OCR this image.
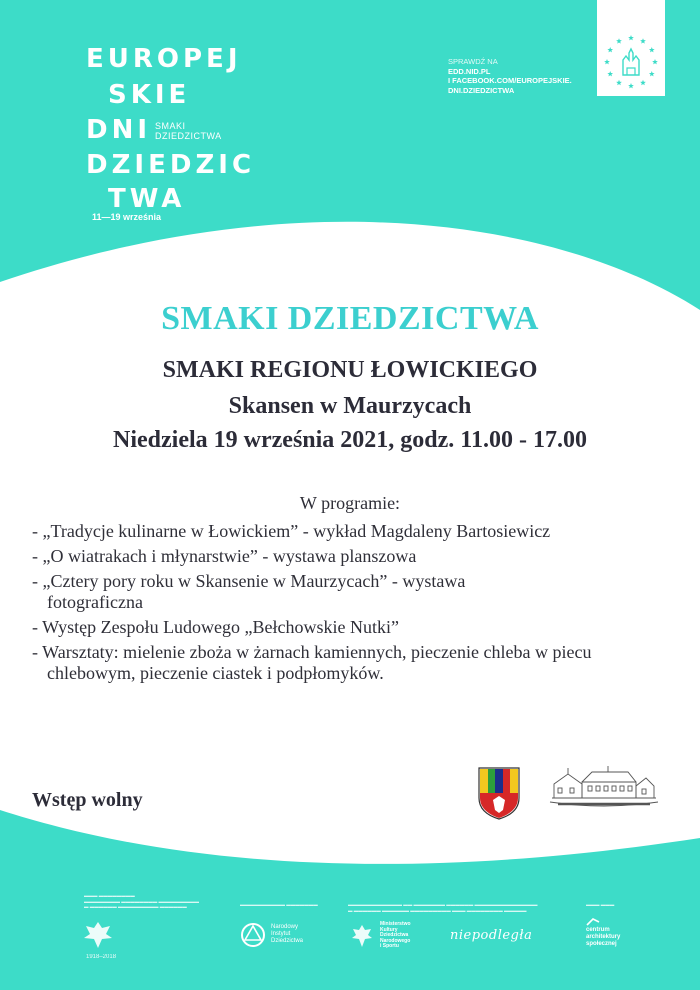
EUROPEJ
SKIE
DNI SMAKI
DZIEDZICTWA
DZIEDZIC
TWA
11—19 września
SPRAWDŹ NA
EDD.NID.PL
I FACEBOOK.COM/EUROPEJSKIE.
DNI.DZIEDZICTWA
SMAKI DZIEDZICTWA
SMAKI REGIONU ŁOWICKIEGO
Skansen w Maurzycach
Niedziela 19 września 2021, godz. 11.00 - 17.00
W programie:
- „Tradycje kulinarne w Łowickiem” - wykład Magdaleny Bartosiewicz
- „O wiatrakach i młynarstwie” - wystawa planszowa
- „Cztery pory roku w Skansenie w Maurzycach” - wystawa fotograficzna
- Występ Zespołu Ludowego „Bełchowskie Nutki”
- Warsztaty: mielenie zboża w żarnach kamiennych, pieczenie chleba w piecu chlebowym, pieczenie ciastek i podpłomyków.
Wstęp wolny
▬▬▬ ▬▬▬▬▬▬▬▬
▬▬▬▬▬▬▬▬ ▬▬▬▬▬▬▬▬ ▬▬▬▬▬▬▬▬▬
▬ ▬▬▬▬▬▬ ▬▬▬▬▬▬▬▬▬ ▬▬▬▬▬▬
1918–2018
▬▬▬▬▬▬▬▬▬▬ ▬▬▬▬▬▬▬
Narodowy
Instytut
Dziedzictwa
▬▬▬▬▬▬▬▬▬▬▬▬ ▬▬ ▬▬▬▬▬▬▬ ▬▬▬▬▬▬ ▬▬▬▬▬▬▬▬▬▬▬▬▬▬
▬ ▬▬▬▬▬▬ ▬▬▬▬▬▬ ▬▬▬▬▬▬▬▬▬ ▬▬▬ ▬▬▬▬▬▬▬▬ ▬▬▬▬▬
Ministerstwo
Kultury
Dziedzictwa
Narodowego
i Sportu
niepodległa
▬▬▬ ▬▬▬
centrum
architektury
społecznej
